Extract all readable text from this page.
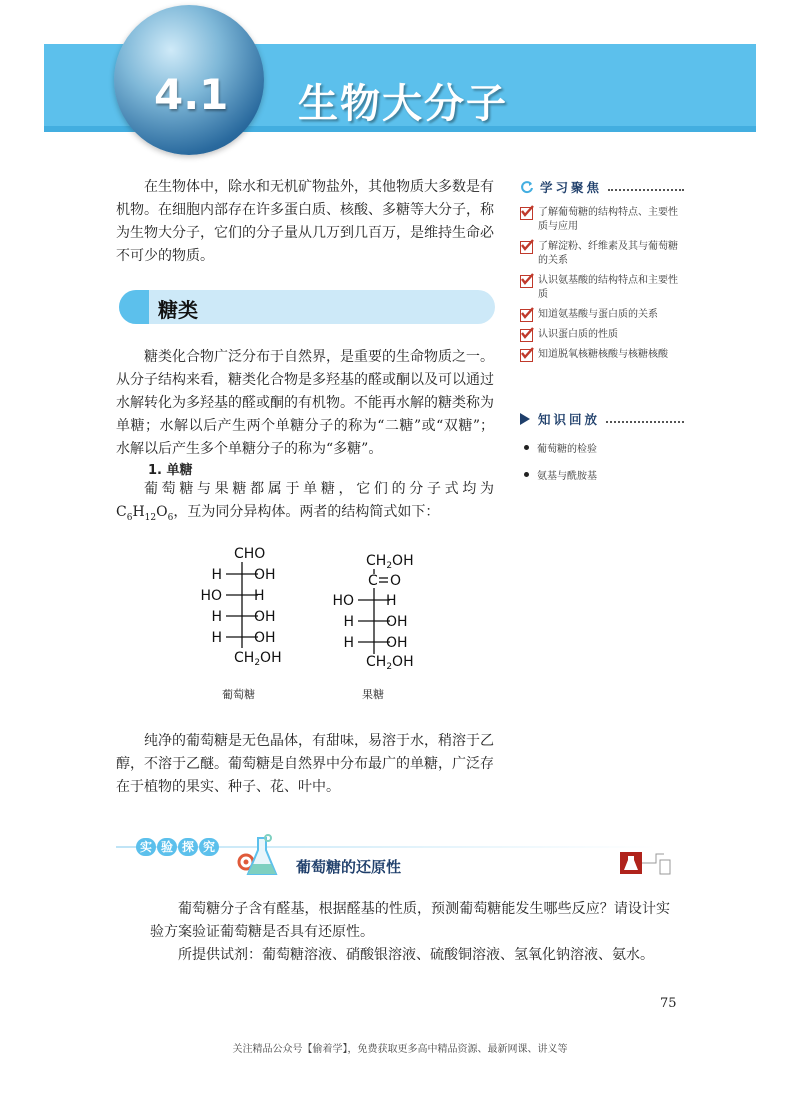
4.1 生物大分子
在生物体中，除水和无机矿物盐外，其他物质大多数是有机物。在细胞内部存在许多蛋白质、核酸、多糖等大分子，称为生物大分子，它们的分子量从几万到几百万，是维持生命必不可少的物质。
学习聚焦
了解葡萄糖的结构特点、主要性质与应用
了解淀粉、纤维素及其与葡萄糖的关系
认识氨基酸的结构特点和主要性质
知道氨基酸与蛋白质的关系
认识蛋白质的性质
知道脱氧核糖核酸与核糖核酸
知识回放
葡萄糖的检验
氨基与酰胺基
糖类
糖类化合物广泛分布于自然界，是重要的生命物质之一。从分子结构来看，糖类化合物是多羟基的醛或酮以及可以通过水解转化为多羟基的醛或酮的有机物。不能再水解的糖类称为单糖；水解以后产生两个单糖分子的称为“二糖”或“双糖”；水解以后产生多个单糖分子的称为“多糖”。
1. 单糖
葡萄糖与果糖都属于单糖，它们的分子式均为$C_6H_{12}O_6$，互为同分异构体。两者的结构简式如下：
CHO
H OH
HO H
H OH
H OH
$CH_2OH$
$CH_2OH$
C O
HO H
H OH
H OH
$CH_2OH$
葡萄糖	果糖
纯净的葡萄糖是无色晶体，有甜味，易溶于水，稍溶于乙醇，不溶于乙醚。葡萄糖是自然界中分布最广的单糖，广泛存在于植物的果实、种子、花、叶中。
实 验 探 究
葡萄糖的还原性
葡萄糖分子含有醛基，根据醛基的性质，预测葡萄糖能发生哪些反应？请设计实验方案验证葡萄糖是否具有还原性。
所提供试剂：葡萄糖溶液、硝酸银溶液、硫酸铜溶液、氢氧化钠溶液、氨水。
75
关注精品公众号【偷着学】，免费获取更多高中精品资源、最新网课、讲义等
